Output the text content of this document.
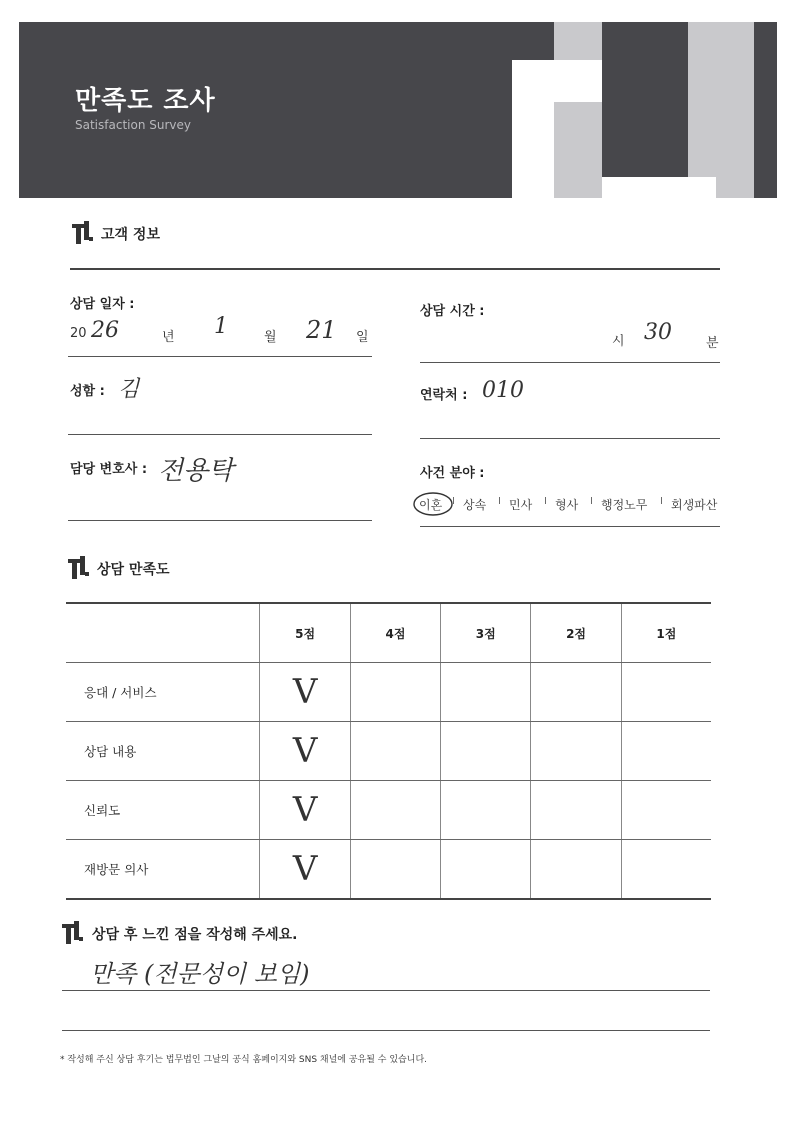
만족도 조사
Satisfaction Survey
고객 정보
상담 일자 :
20 26	년 1	월 21 일
상담 시간 :
시 30	분
성함 : 김	연락처 : 010
담당 변호사 : 전용탁	사건 분야 :
이혼 I 상속 I 민사 I 형사 I 행정노무 I 회생파산
상담 만족도
	5점	4점	3점	2점	1점
응대 / 서비스	V				
상담 내용	V				
신뢰도	V				
재방문 의사	V				
상담 후 느낀 점을 작성해 주세요.
만족 (전문성이 보임)
* 작성해 주신 상담 후기는 법무법인 그날의 공식 홈페이지와 SNS 채널에 공유될 수 있습니다.
